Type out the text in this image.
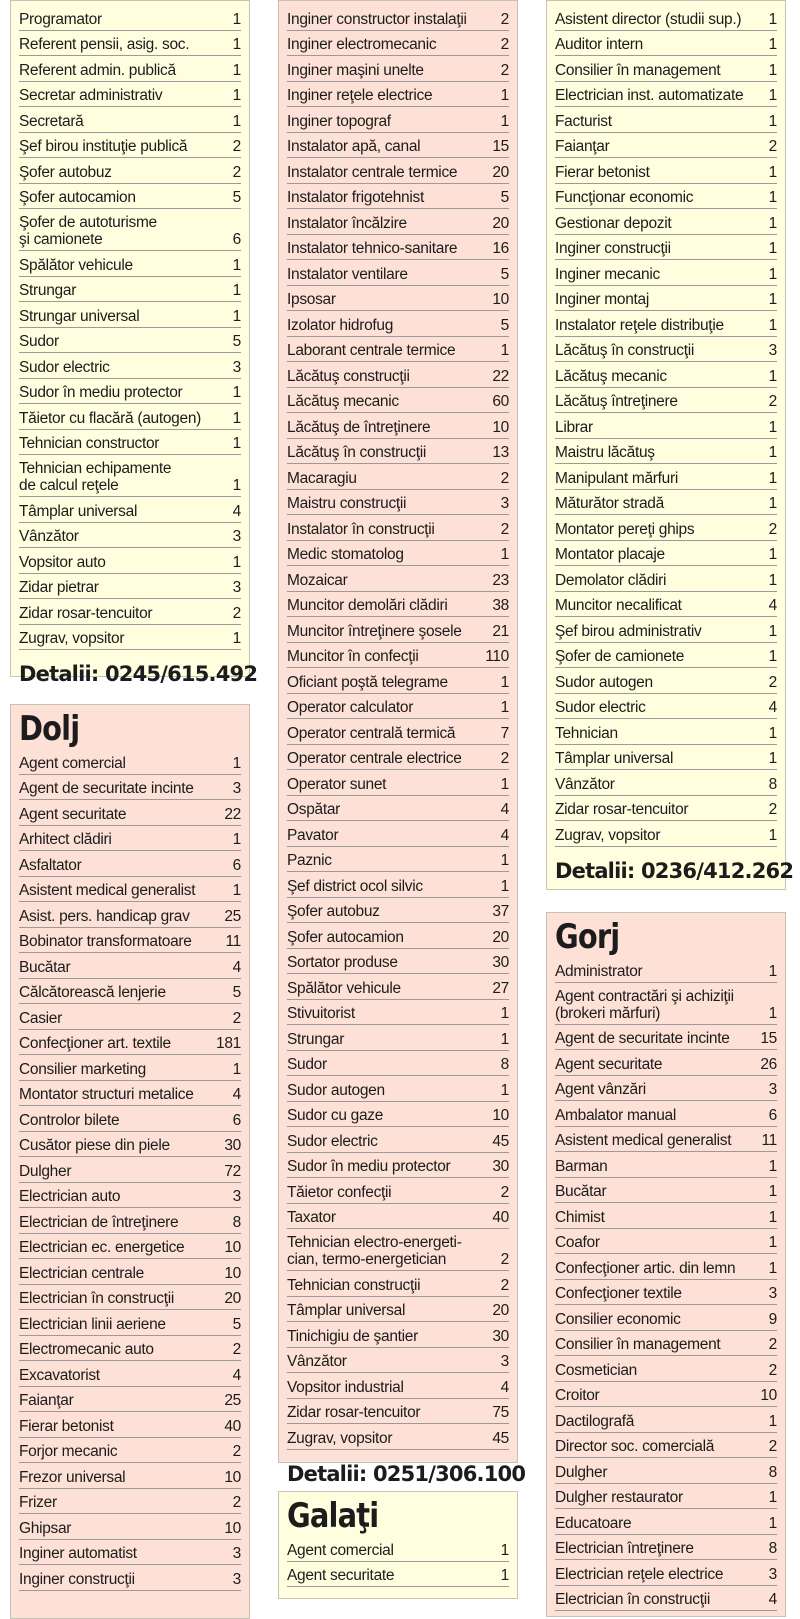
Programator	1
Referent pensii, asig. soc.	1
Referent admin. publică	1
Secretar administrativ	1
Secretară	1
Şef birou instituţie publică	2
Şofer autobuz	2
Şofer autocamion	5
Şofer de autoturisme
şi camionete	6
Spălător vehicule	1
Strungar	1
Strungar universal	1
Sudor	5
Sudor electric	3
Sudor în mediu protector	1
Tăietor cu flacără (autogen)	1
Tehnician constructor	1
Tehnician echipamente
de calcul reţele	1
Tâmplar universal	4
Vânzător	3
Vopsitor auto	1
Zidar pietrar	3
Zidar rosar-tencuitor	2
Zugrav, vopsitor	1
Detalii: 0245/615.492
Dolj
Agent comercial	1
Agent de securitate incinte	3
Agent securitate	22
Arhitect clădiri	1
Asfaltator	6
Asistent medical generalist	1
Asist. pers. handicap grav 25
Bobinator transformatoare 11
Bucătar	4
Călcătorească lenjerie	5
Casier	2
Confecţioner art. textile	181
Consilier marketing	1
Montator structuri metalice	4
Controlor bilete	6
Cusător piese din piele	30
Dulgher	72
Electrician auto	3
Electrician de întreţinere	8
Electrician ec. energetice	10
Electrician centrale	10
Electrician în construcţii	20
Electrician linii aeriene	5
Electromecanic auto	2
Excavatorist	4
Faianţar	25
Fierar betonist	40
Forjor mecanic	2
Frezor universal	10
Frizer	2
Ghipsar	10
Inginer automatist	3
Inginer construcţii	3
Inginer constructor instalaţii	2
Inginer electromecanic	2
Inginer maşini unelte	2
Inginer reţele electrice	1
Inginer topograf	1
Instalator apă, canal	15
Instalator centrale termice 20
Instalator frigotehnist	5
Instalator încălzire	20
Instalator tehnico-sanitare 16
Instalator ventilare	5
Ipsosar	10
Izolator hidrofug	5
Laborant centrale termice	1
Lăcătuş construcţii	22
Lăcătuş mecanic	60
Lăcătuş de întreţinere	10
Lăcătuş în construcţii	13
Macaragiu	2
Maistru construcţii	3
Instalator în construcţii	2
Medic stomatolog	1
Mozaicar	23
Muncitor demolări clădiri	38
Muncitor întreţinere şosele 21
Muncitor în confecţii	110
Oficiant poştă telegrame	1
Operator calculator	1
Operator centrală termică	7
Operator centrale electrice	2
Operator sunet	1
Ospătar	4
Pavator	4
Paznic	1
Şef district ocol silvic	1
Şofer autobuz	37
Şofer autocamion	20
Sortator produse	30
Spălător vehicule	27
Stivuitorist	1
Strungar	1
Sudor	8
Sudor autogen	1
Sudor cu gaze	10
Sudor electric	45
Sudor în mediu protector	30
Tăietor confecţii	2
Taxator	40
Tehnician electro-energeti-
cian, termo-energetician	2
Tehnician construcţii	2
Tâmplar universal	20
Tinichigiu de şantier	30
Vânzător	3
Vopsitor industrial	4
Zidar rosar-tencuitor	75
Zugrav, vopsitor	45
Detalii: 0251/306.100
Galaţi
Agent comercial	1
Agent securitate	1
Asistent director (studii sup.)	1
Auditor intern	1
Consilier în management	1
Electrician inst. automatizate	1
Facturist	1
Faianţar	2
Fierar betonist	1
Funcţionar economic	1
Gestionar depozit	1
Inginer construcţii	1
Inginer mecanic	1
Inginer montaj	1
Instalator reţele distribuţie	1
Lăcătuş în construcţii	3
Lăcătuş mecanic	1
Lăcătuş întreţinere	2
Librar	1
Maistru lăcătuş	1
Manipulant mărfuri	1
Măturător stradă	1
Montator pereţi ghips	2
Montator placaje	1
Demolator clădiri	1
Muncitor necalificat	4
Şef birou administrativ	1
Şofer de camionete	1
Sudor autogen	2
Sudor electric	4
Tehnician	1
Tâmplar universal	1
Vânzător	8
Zidar rosar-tencuitor	2
Zugrav, vopsitor	1
Detalii: 0236/412.262
Gorj
Administrator	1
Agent contractări şi achiziţii
(brokeri mărfuri)	1
Agent de securitate incinte 15
Agent securitate	26
Agent vânzări	3
Ambalator manual	6
Asistent medical generalist 11
Barman	1
Bucătar	1
Chimist	1
Coafor	1
Confecţioner artic. din lemn	1
Confecţioner textile	3
Consilier economic	9
Consilier în management	2
Cosmetician	2
Croitor	10
Dactilografă	1
Director soc. comercială	2
Dulgher	8
Dulgher restaurator	1
Educatoare	1
Electrician întreţinere	8
Electrician reţele electrice	3
Electrician în construcţii	4
